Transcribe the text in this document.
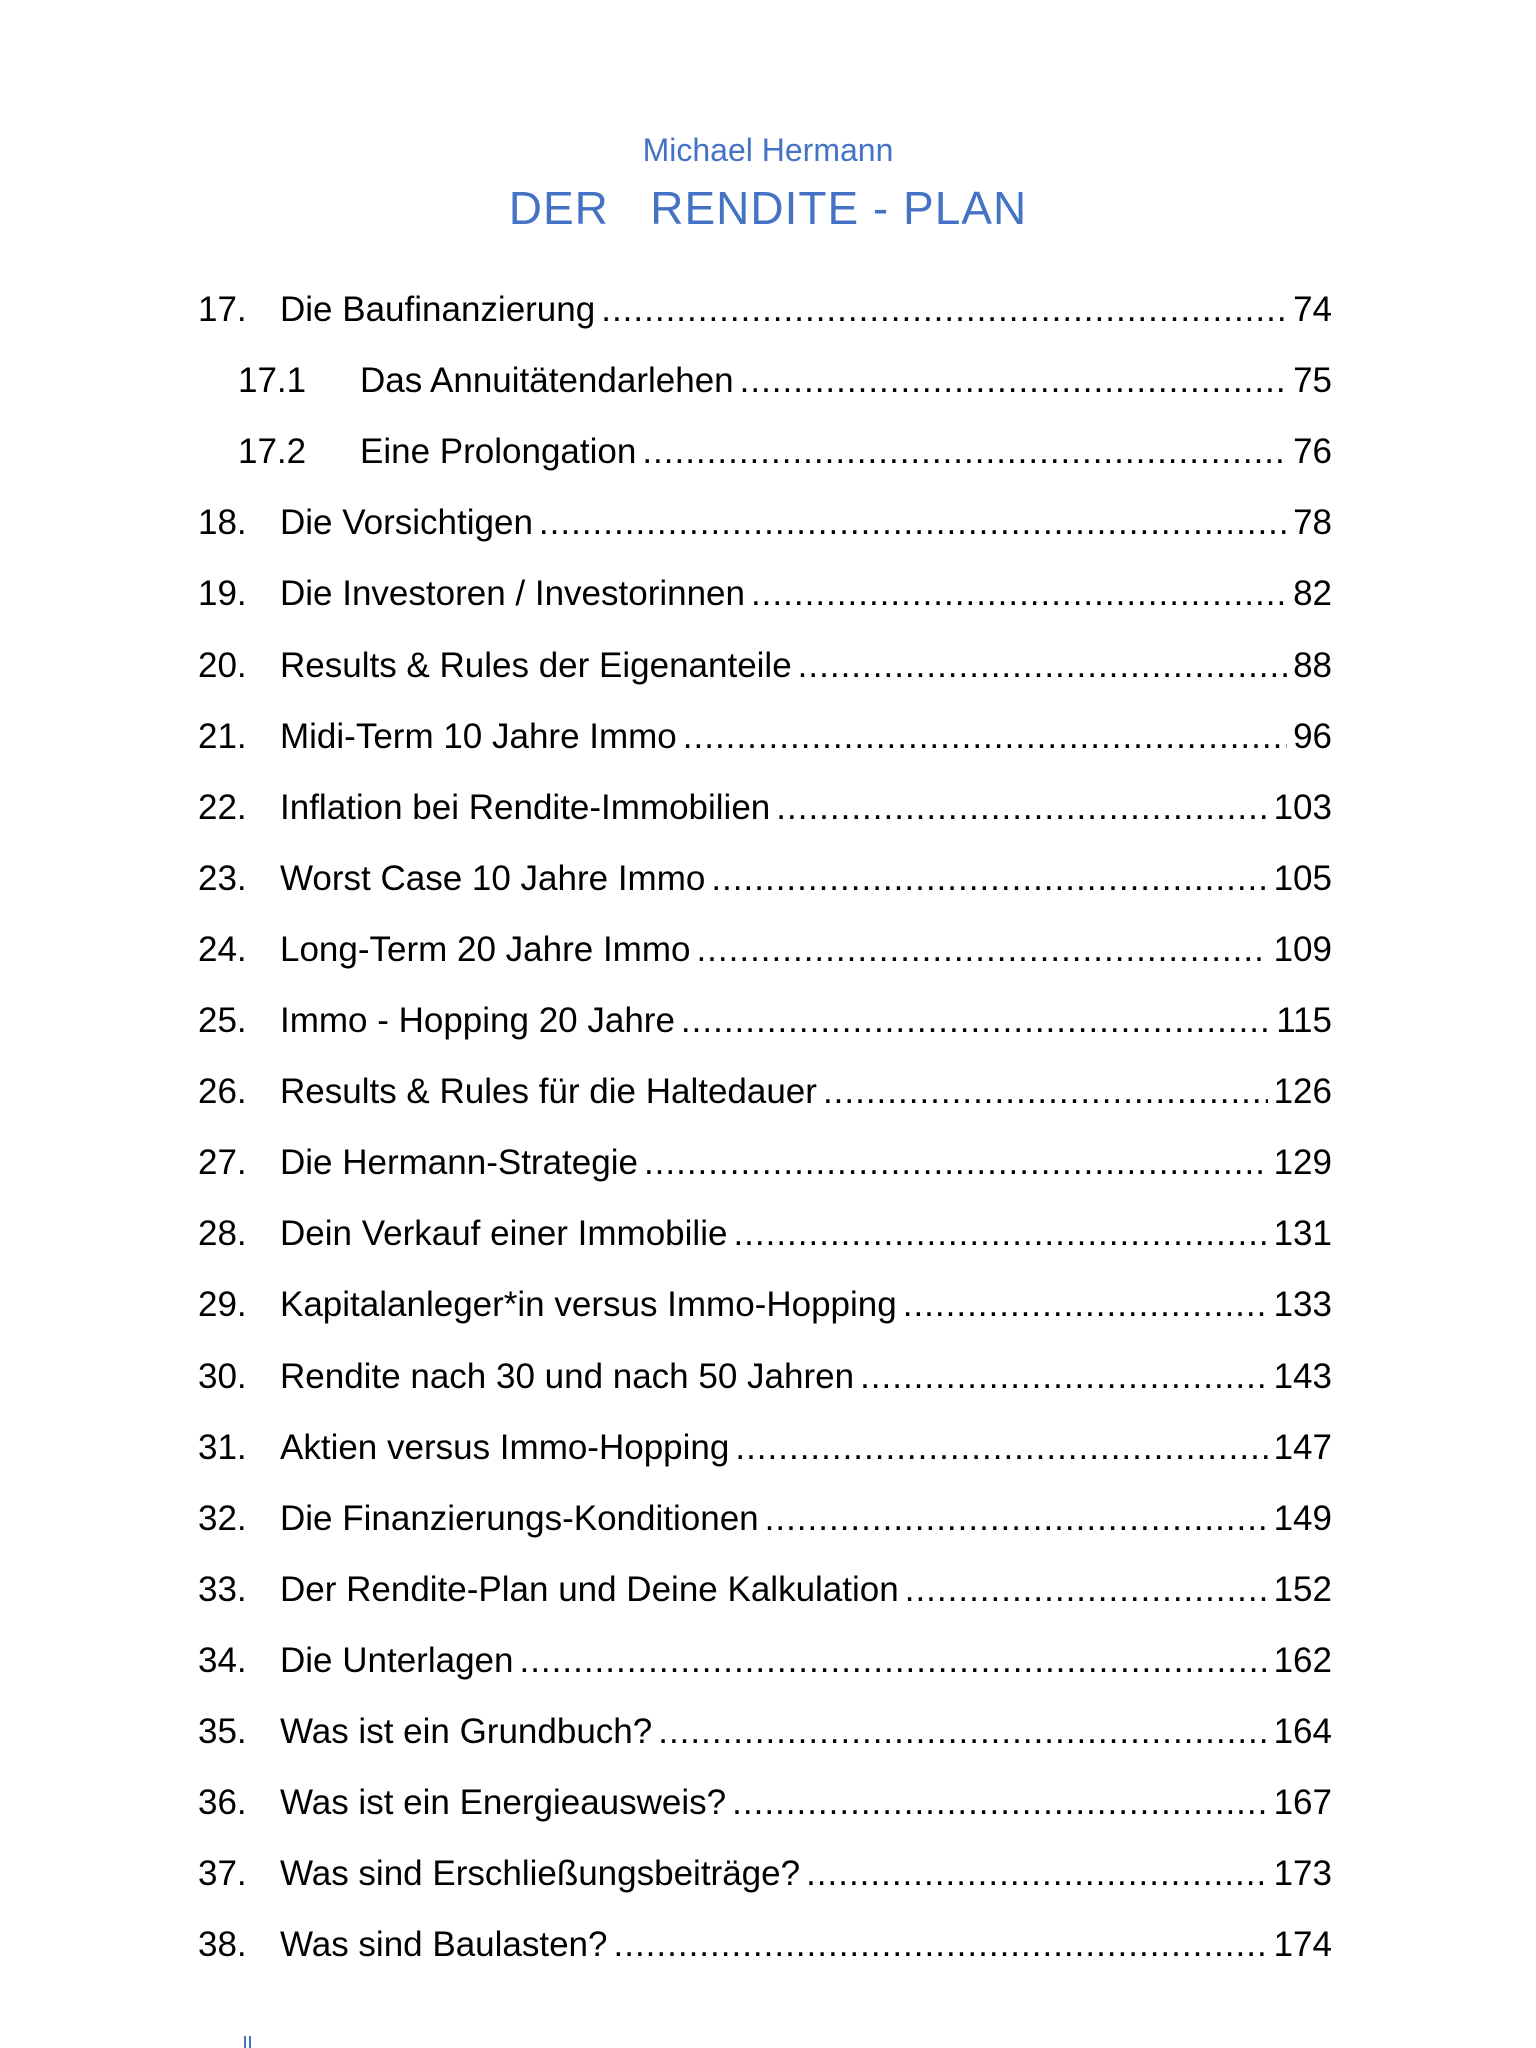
Michael Hermann
DER   RENDITE - PLAN
17. Die Baufinanzierung .....	74
17.1	Das Annuitätendarlehen .....	75
17.2	Eine Prolongation .....	76
18. Die Vorsichtigen .....	78
19. Die Investoren / Investorinnen .....	82
20. Results & Rules der Eigenanteile .....	88
21. Midi-Term 10 Jahre Immo .....	96
22. Inflation bei Rendite-Immobilien .....	103
23. Worst Case 10 Jahre Immo .....	105
24. Long-Term 20 Jahre Immo .....	109
25. Immo - Hopping 20 Jahre .....	115
26. Results & Rules für die Haltedauer .....	126
27. Die Hermann-Strategie .....	129
28. Dein Verkauf einer Immobilie .....	131
29. Kapitalanleger*in versus Immo-Hopping .....	133
30. Rendite nach 30 und nach 50 Jahren .....	143
31. Aktien versus Immo-Hopping .....	147
32. Die Finanzierungs-Konditionen .....	149
33. Der Rendite-Plan und Deine Kalkulation .....	152
34. Die Unterlagen .....	162
35. Was ist ein Grundbuch? .....	164
36. Was ist ein Energieausweis? .....	167
37. Was sind Erschließungsbeiträge? .....	173
38. Was sind Baulasten? .....	174
